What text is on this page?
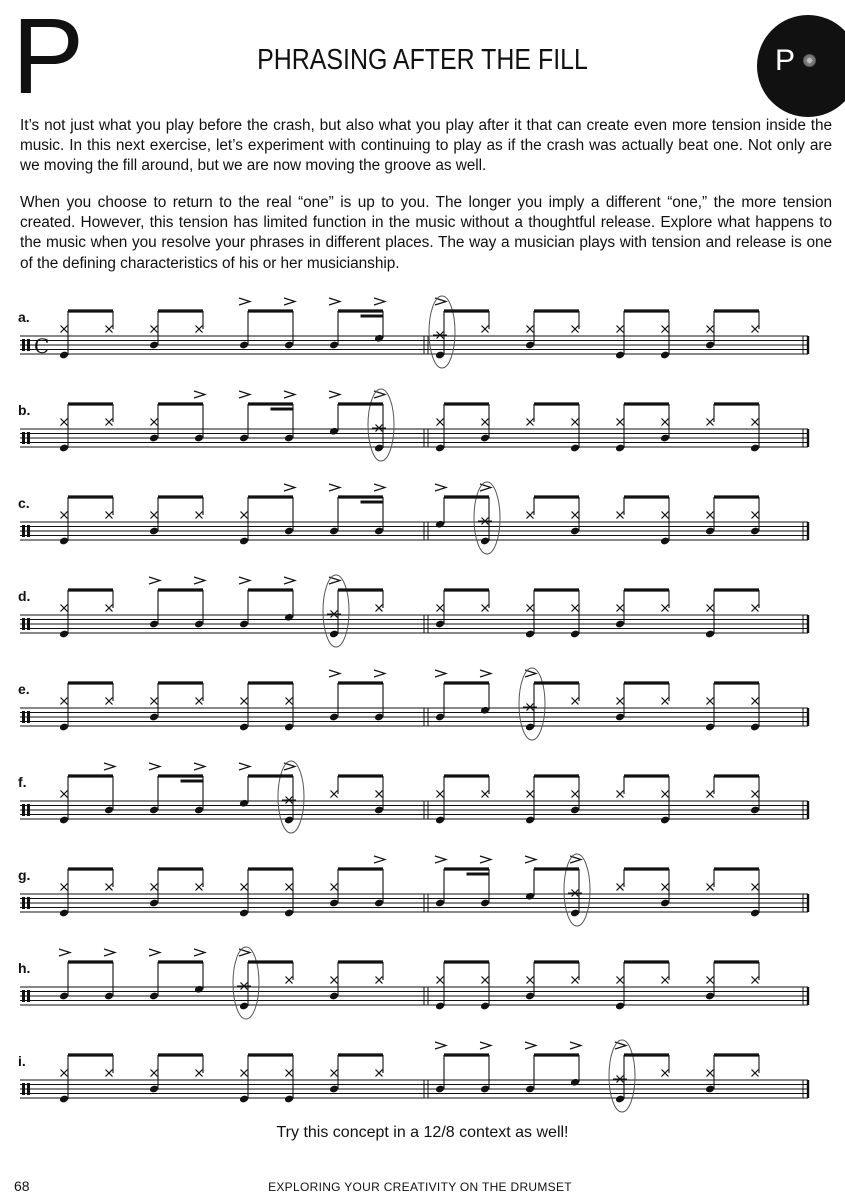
P	PHRASING AFTER THE FILL	P
It’s not just what you play before the crash, but also what you play after it that can create even more tension inside the music. In this next exercise, let’s experiment with continuing to play as if the crash was actually beat one. Not only are we moving the fill around, but we are now moving the groove as well.
When you choose to return to the real “one” is up to you. The longer you imply a different “one,” the more tension created. However, this tension has limited function in the music without a thoughtful release. Explore what happens to the music when you resolve your phrases in different places. The way a musician plays with tension and release is one of the defining characteristics of his or her musicianship.
a.
C
b.
c.
d.
e.
f.
g.
h.
i.
Try this concept in a 12/8 context as well!
68	EXPLORING YOUR CREATIVITY ON THE DRUMSET
